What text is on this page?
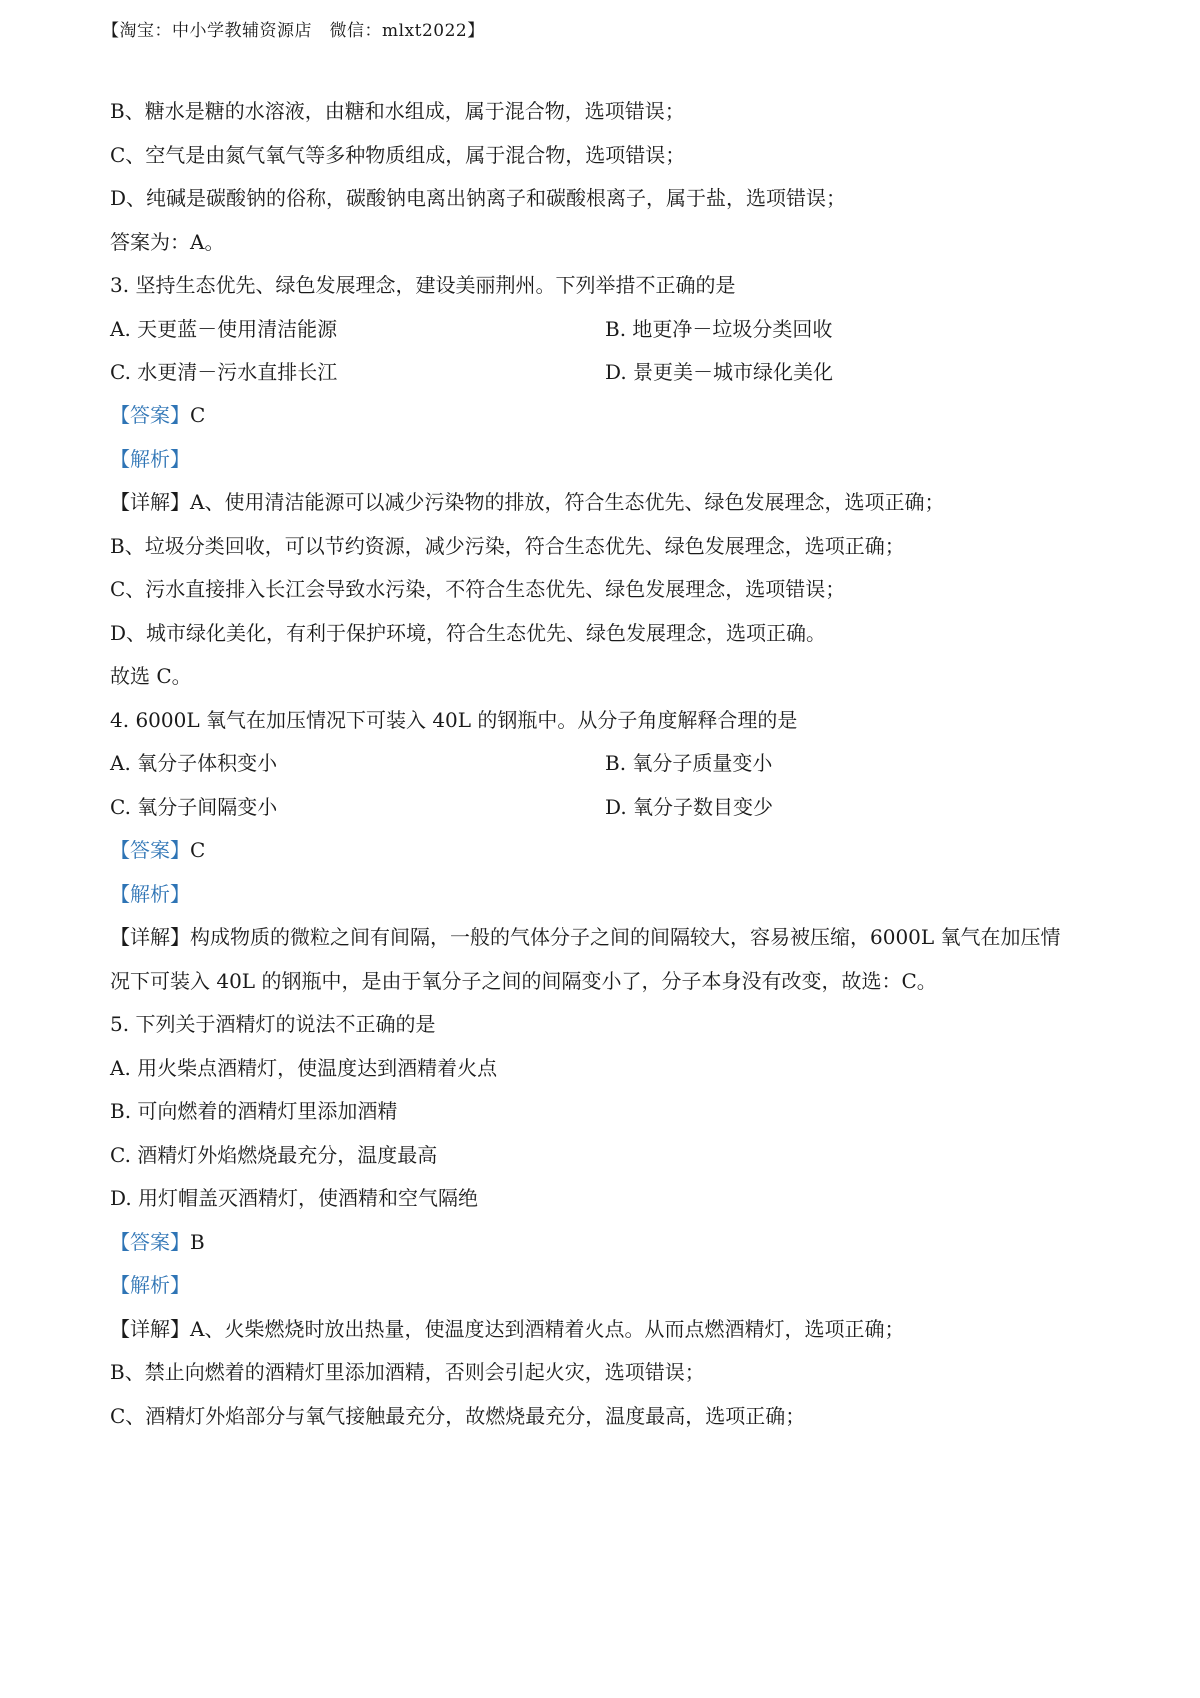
【淘宝：中小学教辅资源店　微信：mlxt2022】
B、糖水是糖的水溶液，由糖和水组成，属于混合物，选项错误；
C、空气是由氮气氧气等多种物质组成，属于混合物，选项错误；
D、纯碱是碳酸钠的俗称，碳酸钠电离出钠离子和碳酸根离子，属于盐，选项错误；
答案为：A。
3. 坚持生态优先、绿色发展理念，建设美丽荆州。下列举措不正确的是
A. 天更蓝－使用清洁能源	B. 地更净－垃圾分类回收
C. 水更清－污水直排长江	D. 景更美－城市绿化美化
【答案】C
【解析】
【详解】A、使用清洁能源可以减少污染物的排放，符合生态优先、绿色发展理念，选项正确；
B、垃圾分类回收，可以节约资源，减少污染，符合生态优先、绿色发展理念，选项正确；
C、污水直接排入长江会导致水污染，不符合生态优先、绿色发展理念，选项错误；
D、城市绿化美化，有利于保护环境，符合生态优先、绿色发展理念，选项正确。
故选 C。
4. 6000L 氧气在加压情况下可装入 40L 的钢瓶中。从分子角度解释合理的是
A. 氧分子体积变小	B. 氧分子质量变小
C. 氧分子间隔变小	D. 氧分子数目变少
【答案】C
【解析】
【详解】构成物质的微粒之间有间隔，一般的气体分子之间的间隔较大，容易被压缩，6000L 氧气在加压情
况下可装入 40L 的钢瓶中，是由于氧分子之间的间隔变小了，分子本身没有改变，故选：C。
5. 下列关于酒精灯的说法不正确的是
A. 用火柴点酒精灯，使温度达到酒精着火点
B. 可向燃着的酒精灯里添加酒精
C. 酒精灯外焰燃烧最充分，温度最高
D. 用灯帽盖灭酒精灯，使酒精和空气隔绝
【答案】B
【解析】
【详解】A、火柴燃烧时放出热量，使温度达到酒精着火点。从而点燃酒精灯，选项正确；
B、禁止向燃着的酒精灯里添加酒精，否则会引起火灾，选项错误；
C、酒精灯外焰部分与氧气接触最充分，故燃烧最充分，温度最高，选项正确；
